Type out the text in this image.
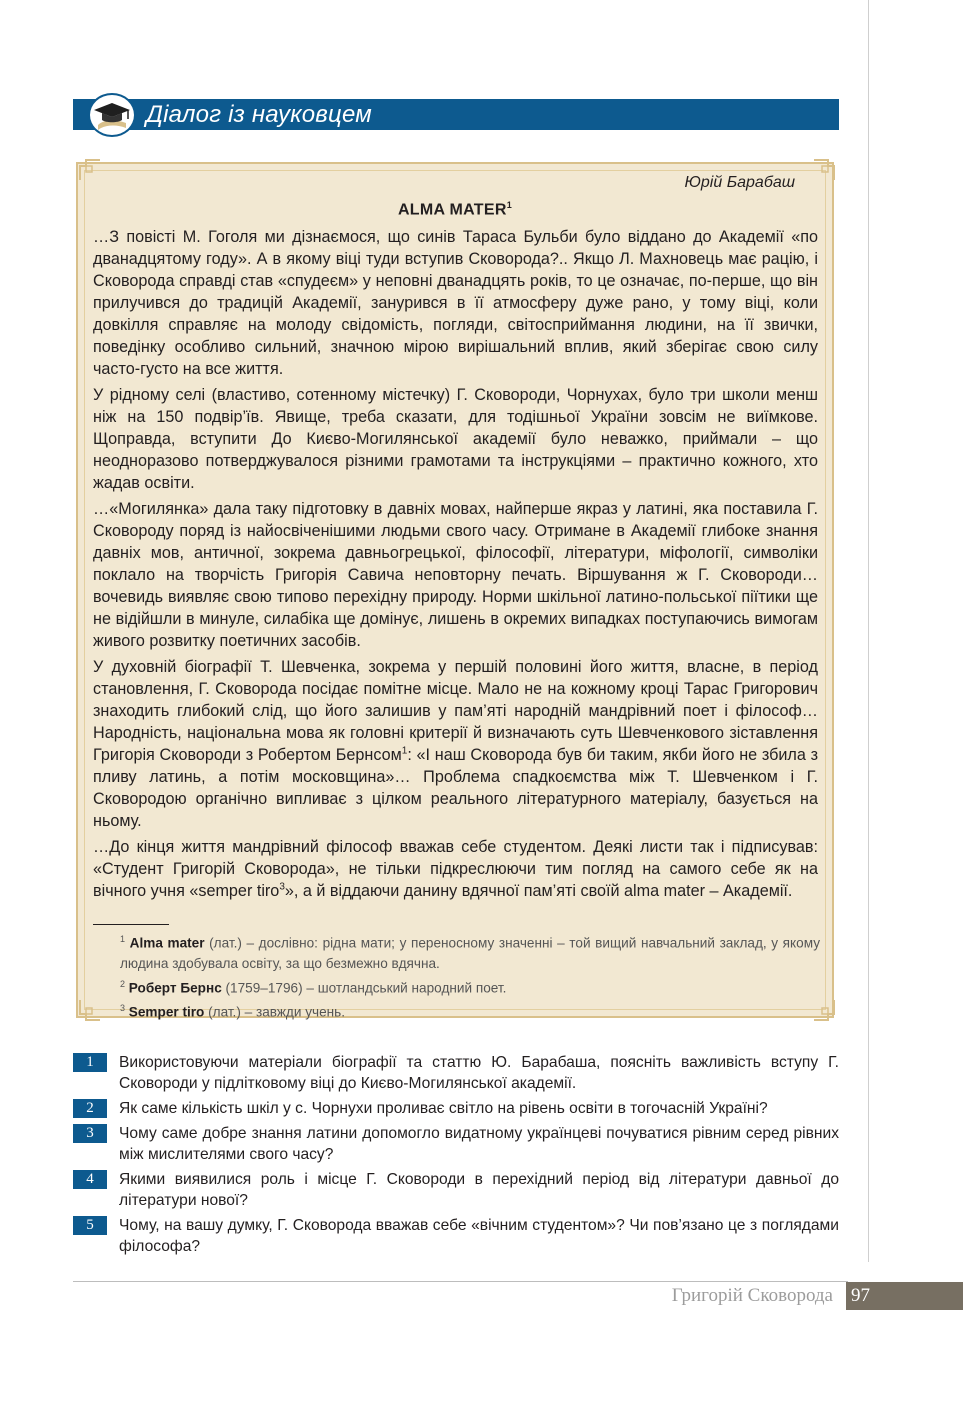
Діалог із науковцем
Юрій Барабаш
ALMA MATER$^1$

…З повісті М. Гоголя ми дізнаємося, що синів Тараса Бульби було віддано до Академії «по дванадцятому году». А в якому віці туди вступив Сковорода?.. Якщо Л. Махновець має рацію, і Сковорода справді став «спудеєм» у неповні дванадцять років, то це означає, по-перше, що він прилучився до традицій Академії, занурився в її атмосферу дуже рано, у тому віці, коли довкілля справляє на молоду свідомість, погляди, світосприймання людини, на її звички, поведінку особливо сильний, значною мірою вирішальний вплив, який зберігає свою силу часто-густо на все життя.

У рідному селі (властиво, сотенному містечку) Г. Сковороди, Чорнухах, було три школи менш ніж на 150 подвір’їв. Явище, треба сказати, для тодішньої України зовсім не виїмкове. Щоправда, вступити До Києво-Могилянської академії було неважко, приймали – що неодноразово потверджувалося різними грамотами та інструкціями – практично кожного, хто жадав освіти.

…«Могилянка» дала таку підготовку в давніх мовах, найперше якраз у латині, яка поставила Г. Сковороду поряд із найосвіченішими людьми свого часу. Отримане в Академії глибоке знання давніх мов, античної, зокрема давньогрецької, філософії, літератури, міфології, символіки поклало на творчість Григорія Савича неповторну печать. Віршування ж Г. Сковороди… вочевидь виявляє свою типово перехідну природу. Норми шкільної латино-польської піїтики ще не відійшли в минуле, силабіка ще домінує, лишень в окремих випадках поступаючись вимогам живого розвитку поетичних засобів.

У духовній біографії Т. Шевченка, зокрема у першій половині його життя, власне, в період становлення, Г. Сковорода посідає помітне місце. Мало не на кожному кроці Тарас Григорович знаходить глибокий слід, що його залишив у пам’яті народній мандрівний поет і філософ… Народність, національна мова як головні критерії й визначають суть Шевченкового зіставлення Григорія Сковороди з Робертом Бернсом$^1$: «І наш Сковорода був би таким, якби його не збила з пливу латинь, а потім московщина»… Проблема спадкоємства між Т. Шевченком і Г. Сковородою органічно випливає з цілком реального літературного матеріалу, базується на ньому.

…До кінця життя мандрівний філософ вважав себе студентом. Деякі листи так і підписував: «Студент Григорій Сковорода», не тільки підкреслюючи тим погляд на самого себе як на вічного учня «semper tiro$^3$», а й віддаючи данину вдячної пам’яті своїй alma mater – Академії.

$^1$ Alma mater (лат.) – дослівно: рідна мати; у переносному значенні – той вищий навчальний заклад, у якому людина здобувала освіту, за що безмежно вдячна.

$^2$ Роберт Бернс (1759–1796) – шотландський народний поет.

$^3$ Semper tiro (лат.) – завжди учень.

1	Використовуючи матеріали біографії та статтю Ю. Барабаша, поясніть важливість вступу Г. Сковороди у підлітковому віці до Києво-Могилянської академії.
2	Як саме кількість шкіл у с. Чорнухи проливає світло на рівень освіти в тогочасній Україні?
3	Чому саме добре знання латини допомогло видатному українцеві почуватися рівним серед рівних між мислителями свого часу?
4	Якими виявилися роль і місце Г. Сковороди в перехідний період від літератури давньої до літератури нової?
5	Чому, на вашу думку, Г. Сковорода вважав себе «вічним студентом»? Чи пов’язано це з поглядами філософа?
Григорій Сковорода 97
